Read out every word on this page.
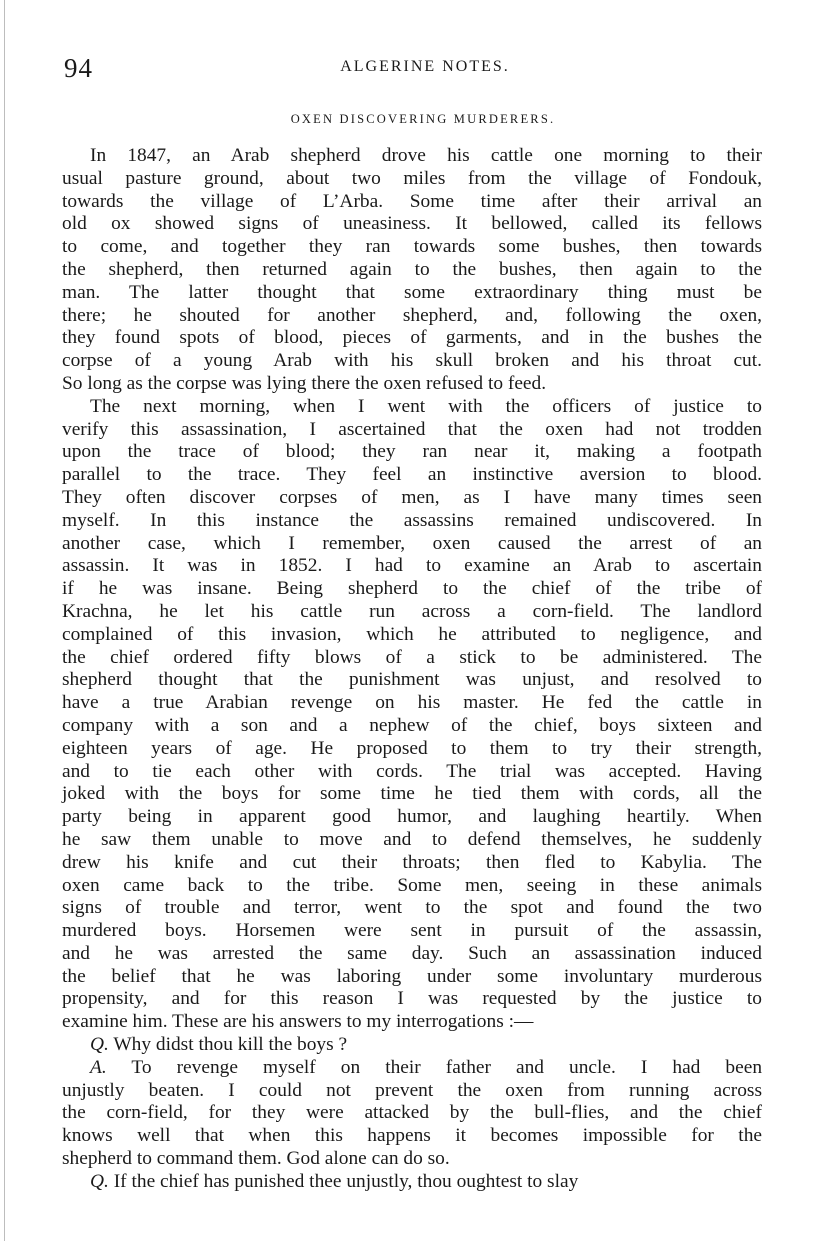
94	ALGERINE NOTES.
OXEN DISCOVERING MURDERERS.
In 1847, an Arab shepherd drove his cattle one morning to their
usual pasture ground, about two miles from the village of Fondouk,
towards the village of L’Arba. Some time after their arrival an
old ox showed signs of uneasiness. It bellowed, called its fellows
to come, and together they ran towards some bushes, then towards
the shepherd, then returned again to the bushes, then again to the
man. The latter thought that some extraordinary thing must be
there; he shouted for another shepherd, and, following the oxen,
they found spots of blood, pieces of garments, and in the bushes the
corpse of a young Arab with his skull broken and his throat cut.
So long as the corpse was lying there the oxen refused to feed.
The next morning, when I went with the officers of justice to
verify this assassination, I ascertained that the oxen had not trodden
upon the trace of blood; they ran near it, making a footpath
parallel to the trace. They feel an instinctive aversion to blood.
They often discover corpses of men, as I have many times seen
myself. In this instance the assassins remained undiscovered. In
another case, which I remember, oxen caused the arrest of an
assassin. It was in 1852. I had to examine an Arab to ascertain
if he was insane. Being shepherd to the chief of the tribe of
Krachna, he let his cattle run across a corn-field. The landlord
complained of this invasion, which he attributed to negligence, and
the chief ordered fifty blows of a stick to be administered. The
shepherd thought that the punishment was unjust, and resolved to
have a true Arabian revenge on his master. He fed the cattle in
company with a son and a nephew of the chief, boys sixteen and
eighteen years of age. He proposed to them to try their strength,
and to tie each other with cords. The trial was accepted. Having
joked with the boys for some time he tied them with cords, all the
party being in apparent good humor, and laughing heartily. When
he saw them unable to move and to defend themselves, he suddenly
drew his knife and cut their throats; then fled to Kabylia. The
oxen came back to the tribe. Some men, seeing in these animals
signs of trouble and terror, went to the spot and found the two
murdered boys. Horsemen were sent in pursuit of the assassin,
and he was arrested the same day. Such an assassination induced
the belief that he was laboring under some involuntary murderous
propensity, and for this reason I was requested by the justice to
examine him. These are his answers to my interrogations :—
Q. Why didst thou kill the boys ?
A. To revenge myself on their father and uncle. I had been
unjustly beaten. I could not prevent the oxen from running across
the corn-field, for they were attacked by the bull-flies, and the chief
knows well that when this happens it becomes impossible for the
shepherd to command them. God alone can do so.
Q. If the chief has punished thee unjustly, thou oughtest to slay
